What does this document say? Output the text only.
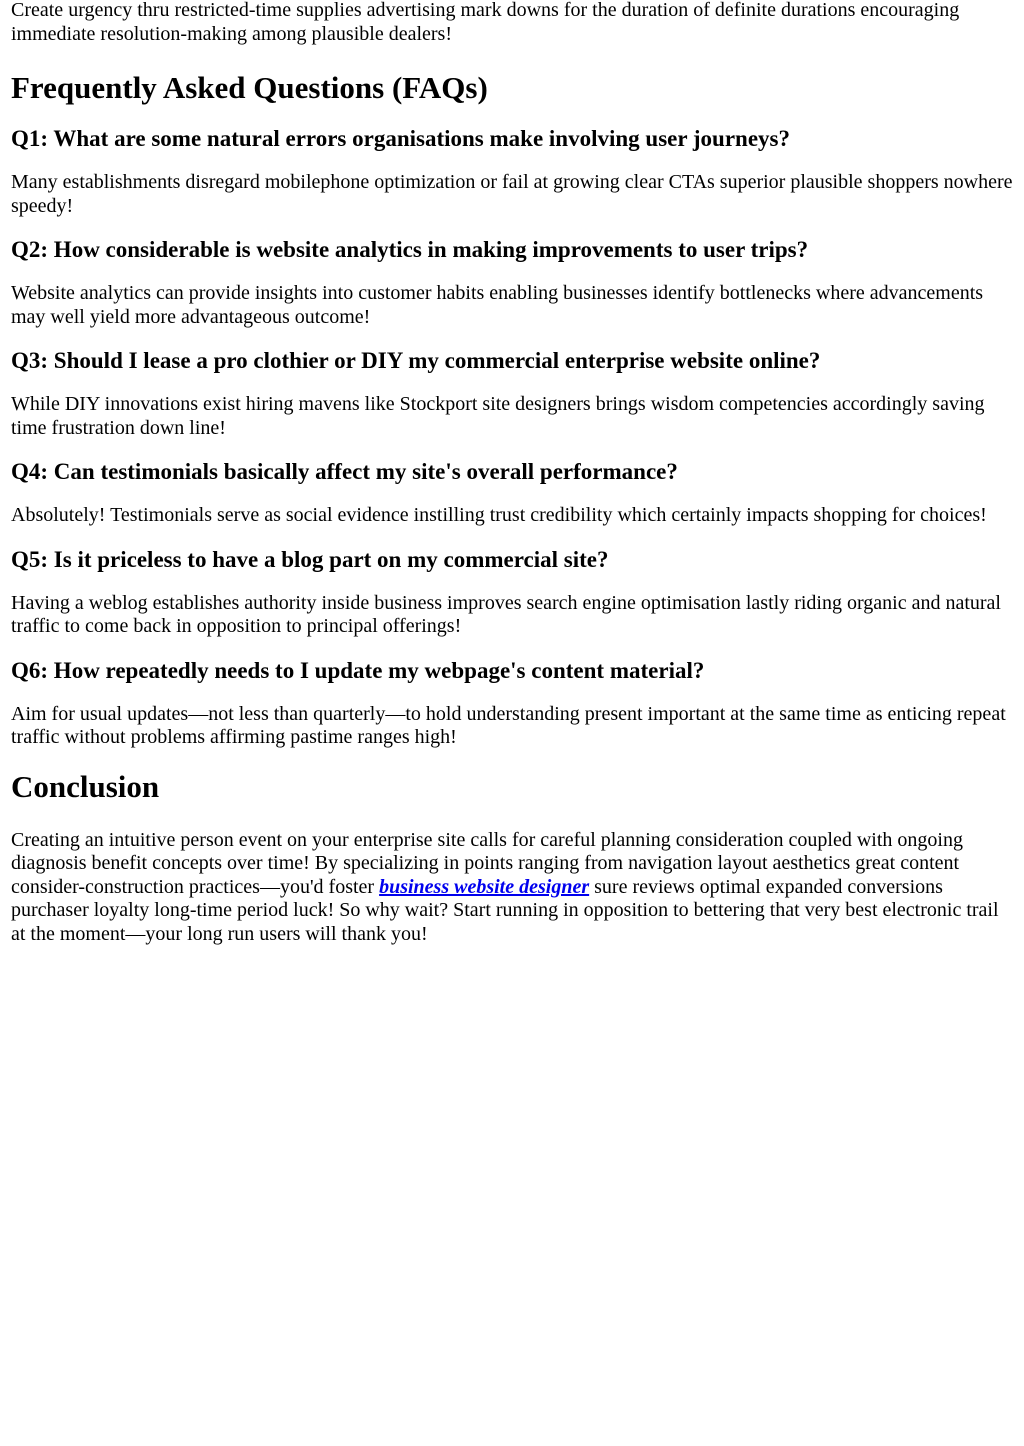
Create urgency thru restricted-time supplies advertising mark downs for the duration of definite durations encouraging immediate resolution-making among plausible dealers!

Frequently Asked Questions (FAQs)
Q1: What are some natural errors organisations make involving user journeys?

Many establishments disregard mobilephone optimization or fail at growing clear CTAs superior plausible shoppers nowhere speedy!

Q2: How considerable is website analytics in making improvements to user trips?

Website analytics can provide insights into customer habits enabling businesses identify bottlenecks where advancements may well yield more advantageous outcome!

Q3: Should I lease a pro clothier or DIY my commercial enterprise website online?

While DIY innovations exist hiring mavens like Stockport site designers brings wisdom competencies accordingly saving time frustration down line!

Q4: Can testimonials basically affect my site's overall performance?

Absolutely! Testimonials serve as social evidence instilling trust credibility which certainly impacts shopping for choices!

Q5: Is it priceless to have a blog part on my commercial site?

Having a weblog establishes authority inside business improves search engine optimisation lastly riding organic and natural traffic to come back in opposition to principal offerings!

Q6: How repeatedly needs to I update my webpage's content material?

Aim for usual updates—not less than quarterly—to hold understanding present important at the same time as enticing repeat traffic without problems affirming pastime ranges high!

Conclusion

Creating an intuitive person event on your enterprise site calls for careful planning consideration coupled with ongoing diagnosis benefit concepts over time! By specializing in points ranging from navigation layout aesthetics great content consider-construction practices—you'd foster business website designer sure reviews optimal expanded conversions purchaser loyalty long-time period luck! So why wait? Start running in opposition to bettering that very best electronic trail at the moment—your long run users will thank you!
